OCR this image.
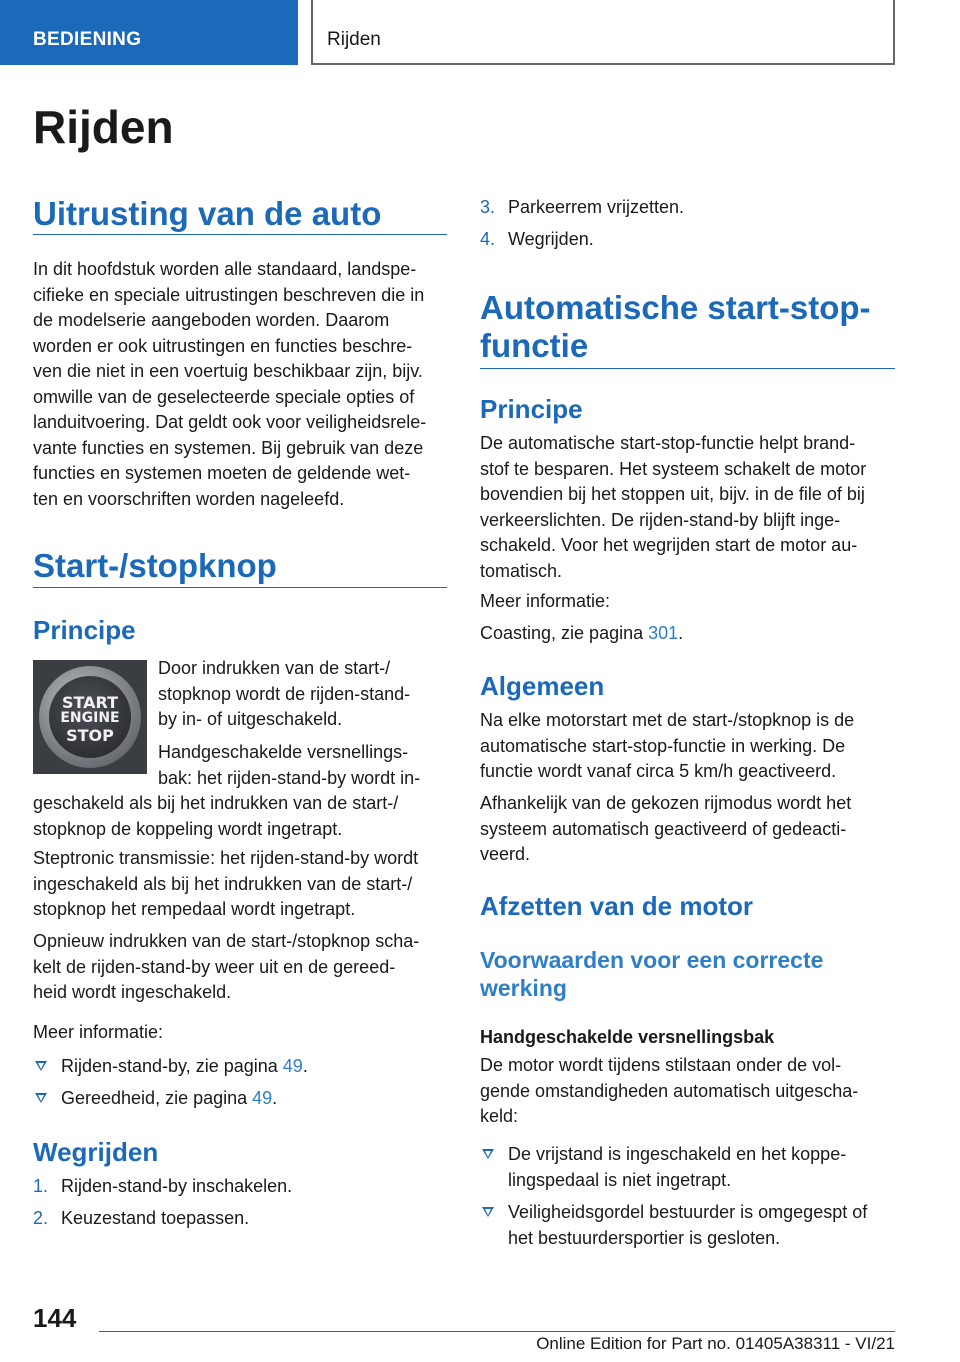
BEDIENING	Rijden
Rijden
Uitrusting van de auto
In dit hoofdstuk worden alle standaard, landspe-
cifieke en speciale uitrustingen beschreven die in
de modelserie aangeboden worden. Daarom
worden er ook uitrustingen en functies beschre-
ven die niet in een voertuig beschikbaar zijn, bijv.
omwille van de geselecteerde speciale opties of
landuitvoering. Dat geldt ook voor veiligheidsrele-
vante functies en systemen. Bij gebruik van deze
functies en systemen moeten de geldende wet-
ten en voorschriften worden nageleefd.
Start-/stopknop
Principe
START
ENGINE
STOP
Door indrukken van de start-/
stopknop wordt de rijden-stand-
by in- of uitgeschakeld.
Handgeschakelde versnellings-
bak: het rijden-stand-by wordt in-
geschakeld als bij het indrukken van de start-/
stopknop de koppeling wordt ingetrapt.
Steptronic transmissie: het rijden-stand-by wordt
ingeschakeld als bij het indrukken van de start-/
stopknop het rempedaal wordt ingetrapt.
Opnieuw indrukken van de start-/stopknop scha-
kelt de rijden-stand-by weer uit en de gereed-
heid wordt ingeschakeld.
Meer informatie:
Rijden-stand-by, zie pagina 49.
Gereedheid, zie pagina 49.
Wegrijden
1. Rijden-stand-by inschakelen.
2. Keuzestand toepassen.
3. Parkeerrem vrijzetten.
4. Wegrijden.
Automatische start-stop-
functie
Principe
De automatische start-stop-functie helpt brand-
stof te besparen. Het systeem schakelt de motor
bovendien bij het stoppen uit, bijv. in de file of bij
verkeerslichten. De rijden-stand-by blijft inge-
schakeld. Voor het wegrijden start de motor au-
tomatisch.
Meer informatie:
Coasting, zie pagina 301.
Algemeen
Na elke motorstart met de start-/stopknop is de
automatische start-stop-functie in werking. De
functie wordt vanaf circa 5 km/h geactiveerd.
Afhankelijk van de gekozen rijmodus wordt het
systeem automatisch geactiveerd of gedeacti-
veerd.
Afzetten van de motor
Voorwaarden voor een correcte
werking
Handgeschakelde versnellingsbak
De motor wordt tijdens stilstaan onder de vol-
gende omstandigheden automatisch uitgescha-
keld:
De vrijstand is ingeschakeld en het koppe-
lingspedaal is niet ingetrapt.
Veiligheidsgordel bestuurder is omgegespt of
het bestuurdersportier is gesloten.
144
Online Edition for Part no. 01405A38311 - VI/21
